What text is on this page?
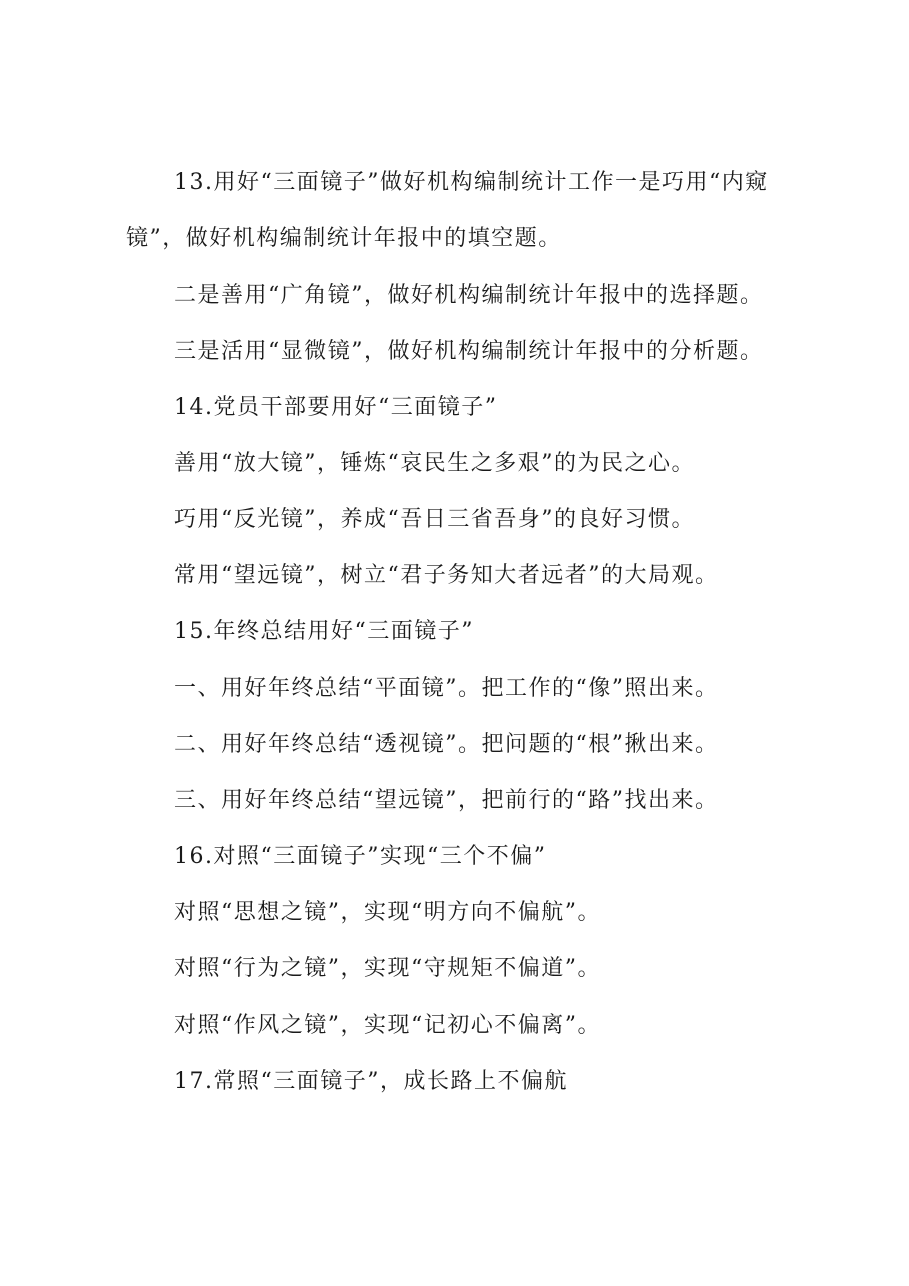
13.用好“三面镜子”做好机构编制统计工作一是巧用“内窥
镜”，做好机构编制统计年报中的填空题。
二是善用“广角镜”，做好机构编制统计年报中的选择题。
三是活用“显微镜”，做好机构编制统计年报中的分析题。
14.党员干部要用好“三面镜子”
善用“放大镜”，锤炼“哀民生之多艰”的为民之心。
巧用“反光镜”，养成“吾日三省吾身”的良好习惯。
常用“望远镜”，树立“君子务知大者远者”的大局观。
15.年终总结用好“三面镜子”
一、用好年终总结“平面镜”。把工作的“像”照出来。
二、用好年终总结“透视镜”。把问题的“根”揪出来。
三、用好年终总结“望远镜”，把前行的“路”找出来。
16.对照“三面镜子”实现“三个不偏”
对照“思想之镜”，实现“明方向不偏航”。
对照“行为之镜”，实现“守规矩不偏道”。
对照“作风之镜”，实现“记初心不偏离”。
17.常照“三面镜子”，成长路上不偏航
